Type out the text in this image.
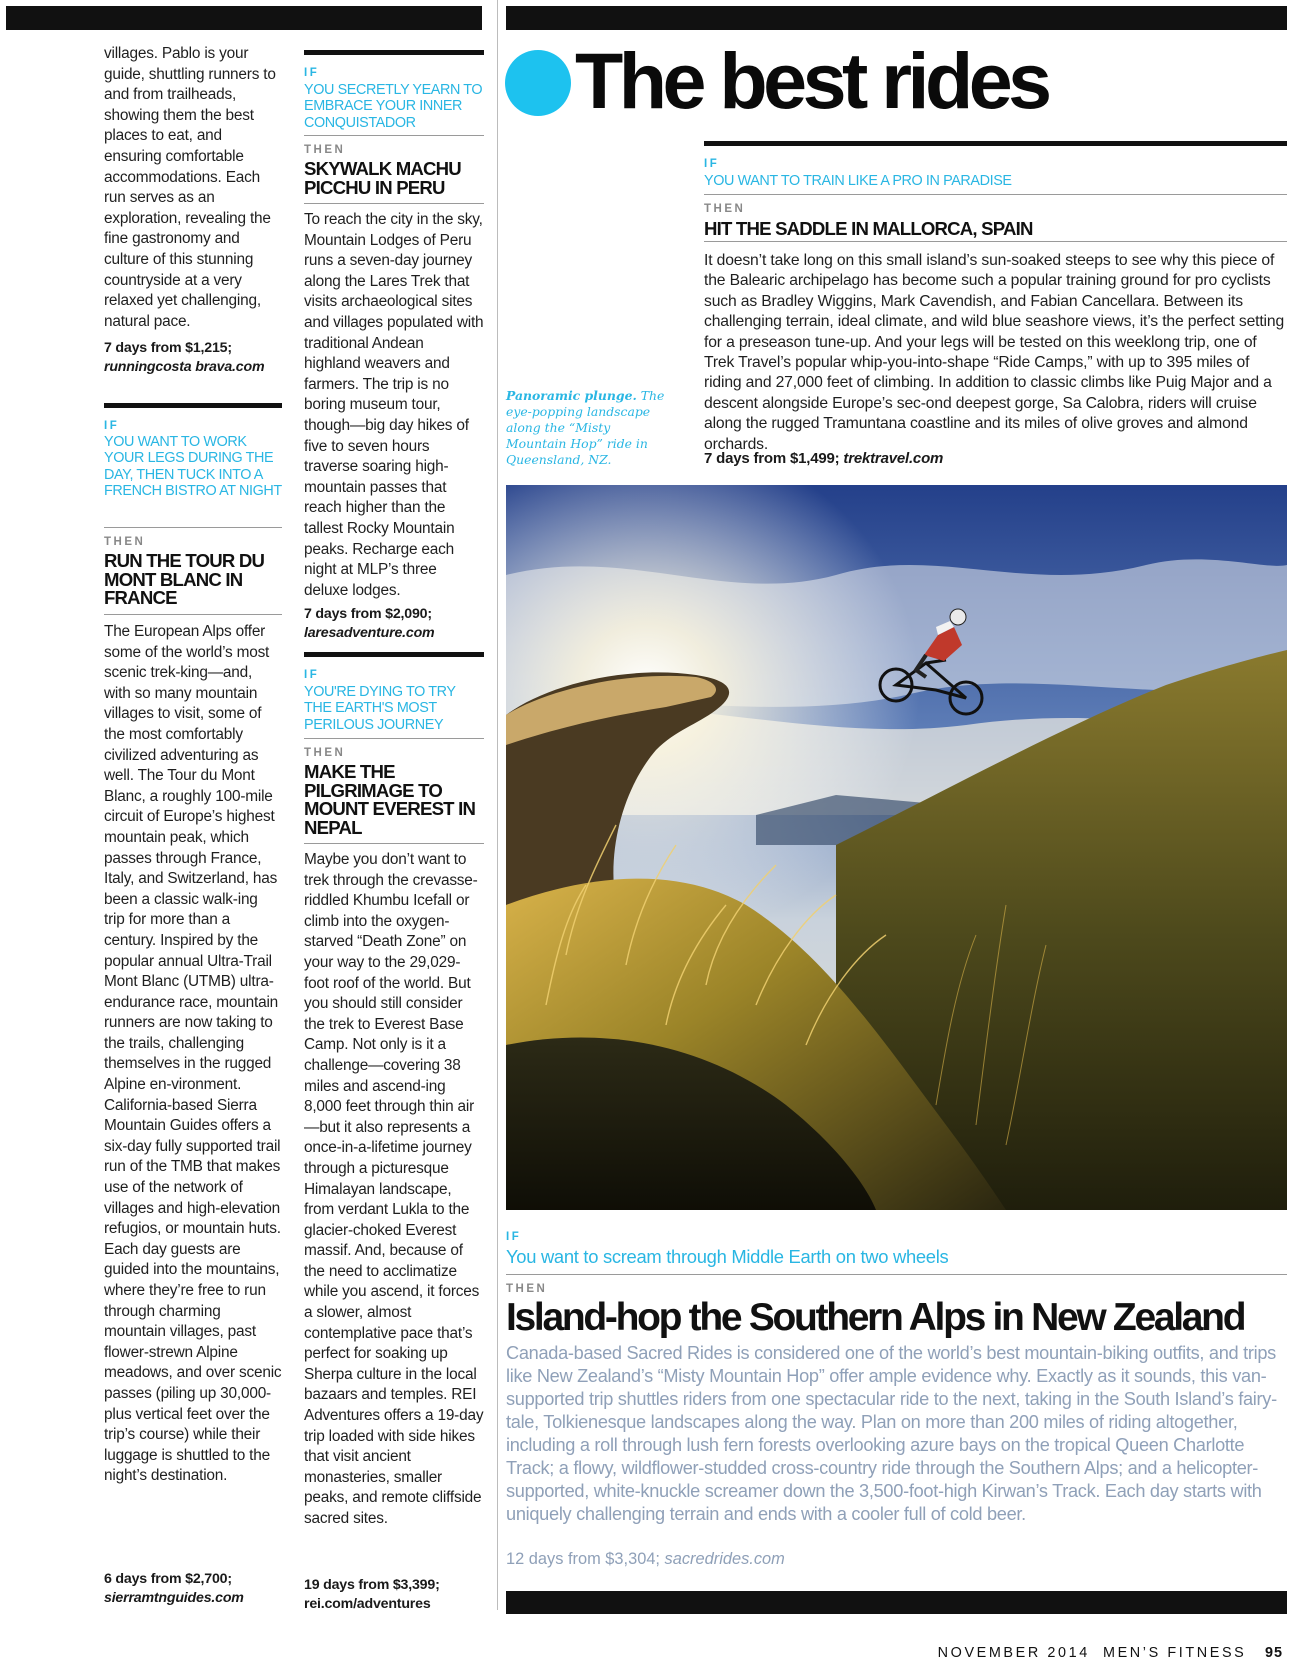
villages. Pablo is your guide, shuttling runners to and from trailheads, showing them the best places to eat, and ensuring comfortable accommodations. Each run serves as an exploration, revealing the fine gastronomy and culture of this stunning countryside at a very relaxed yet challenging, natural pace.
7 days from $1,215;
runningcosta brava.com
IF
YOU WANT TO WORK YOUR LEGS DURING THE DAY, THEN TUCK INTO A FRENCH BISTRO AT NIGHT
THEN
RUN THE TOUR DU MONT BLANC IN FRANCE
The European Alps offer some of the world’s most scenic trek-king—and, with so many mountain villages to visit, some of the most comfortably civilized adventuring as well. The Tour du Mont Blanc, a roughly 100-mile circuit of Europe’s highest mountain peak, which passes through France, Italy, and Switzerland, has been a classic walk-ing trip for more than a century. Inspired by the popular annual Ultra-Trail Mont Blanc (UTMB) ultra-endurance race, mountain runners are now taking to the trails, challenging themselves in the rugged Alpine en-vironment. California-based Sierra Mountain Guides offers a six-day fully supported trail run of the TMB that makes use of the network of villages and high-elevation refugios, or mountain huts. Each day guests are guided into the mountains, where they’re free to run through charming mountain villages, past flower-strewn Alpine meadows, and over scenic passes (piling up 30,000-plus vertical feet over the trip’s course) while their luggage is shuttled to the night’s destination.
6 days from $2,700;
sierramtnguides.com
IF
YOU SECRETLY YEARN TO EMBRACE YOUR INNER CONQUISTADOR
THEN
SKYWALK MACHU PICCHU IN PERU
To reach the city in the sky, Mountain Lodges of Peru runs a seven-day journey along the Lares Trek that visits archaeological sites and villages populated with traditional Andean highland weavers and farmers. The trip is no boring museum tour, though—big day hikes of five to seven hours traverse soaring high-mountain passes that reach higher than the tallest Rocky Mountain peaks. Recharge each night at MLP’s three deluxe lodges.
7 days from $2,090;
laresadventure.com
IF
YOU'RE DYING TO TRY THE EARTH'S MOST PERILOUS JOURNEY
THEN
MAKE THE PILGRIMAGE TO MOUNT EVEREST IN NEPAL
Maybe you don’t want to trek through the crevasse-riddled Khumbu Icefall or climb into the oxygen-starved “Death Zone” on your way to the 29,029-foot roof of the world. But you should still consider the trek to Everest Base Camp. Not only is it a challenge—covering 38 miles and ascend-ing 8,000 feet through thin air—but it also represents a once-in-a-lifetime journey through a picturesque Himalayan landscape, from verdant Lukla to the glacier-choked Everest massif. And, because of the need to acclimatize while you ascend, it forces a slower, almost contemplative pace that’s perfect for soaking up Sherpa culture in the local bazaars and temples. REI Adventures offers a 19-day trip loaded with side hikes that visit ancient monasteries, smaller peaks, and remote cliffside sacred sites.
19 days from $3,399;
rei.com/adventures
The best rides
IF
YOU WANT TO TRAIN LIKE A PRO IN PARADISE
THEN
HIT THE SADDLE IN MALLORCA, SPAIN
It doesn’t take long on this small island’s sun-soaked steeps to see why this piece of the Balearic archipelago has become such a popular training ground for pro cyclists such as Bradley Wiggins, Mark Cavendish, and Fabian Cancellara. Between its challenging terrain, ideal climate, and wild blue seashore views, it’s the perfect setting for a preseason tune-up. And your legs will be tested on this weeklong trip, one of Trek Travel’s popular whip-you-into-shape “Ride Camps,” with up to 395 miles of riding and 27,000 feet of climbing. In addition to classic climbs like Puig Major and a descent alongside Europe’s sec-ond deepest gorge, Sa Calobra, riders will cruise along the rugged Tramuntana coastline and its miles of olive groves and almond orchards.
7 days from $1,499; trektravel.com
Panoramic plunge. The eye-popping landscape along the “Misty Mountain Hop” ride in Queensland, NZ.
IF
You want to scream through Middle Earth on two wheels
THEN
Island-hop the Southern Alps in New Zealand
Canada-based Sacred Rides is considered one of the world’s best mountain-biking outfits, and trips like New Zealand’s “Misty Mountain Hop” offer ample evidence why. Exactly as it sounds, this van-supported trip shuttles riders from one spectacular ride to the next, taking in the South Island’s fairy-tale, Tolkienesque landscapes along the way. Plan on more than 200 miles of riding altogether, including a roll through lush fern forests overlooking azure bays on the tropical Queen Charlotte Track; a flowy, wildflower-studded cross-country ride through the Southern Alps; and a helicopter-supported, white-knuckle screamer down the 3,500-foot-high Kirwan’s Track. Each day starts with uniquely challenging terrain and ends with a cooler full of cold beer.
12 days from $3,304; sacredrides.com
NOVEMBER 2014  MEN’S FITNESS 95
